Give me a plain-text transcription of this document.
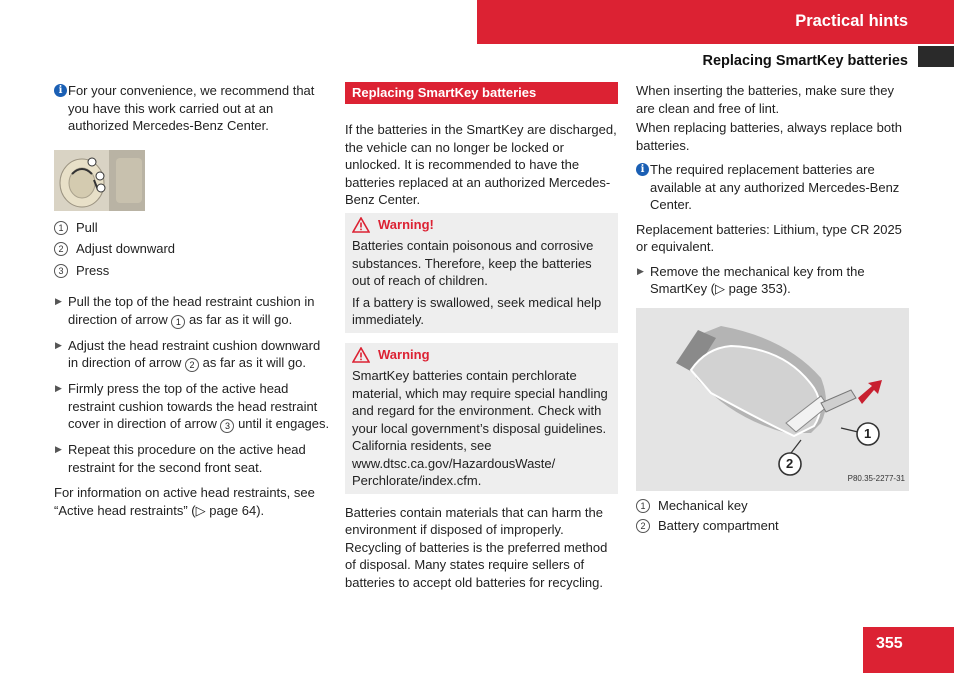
Practical hints
Replacing SmartKey batteries

i For your convenience, we recommend that you have this work carried out at an authorized Mercedes-Benz Center.

1 Pull
2 Adjust downward
3 Press
▶ Pull the top of the head restraint cushion in direction of arrow 1 as far as it will go.
▶ Adjust the head restraint cushion downward in direction of arrow 2 as far as it will go.
▶ Firmly press the top of the active head restraint cushion towards the head restraint cover in direction of arrow 3 until it engages.
▶ Repeat this procedure on the active head restraint for the second front seat.

For information on active head restraints, see “Active head restraints” (▷ page 64).

Replacing SmartKey batteries

If the batteries in the SmartKey are discharged, the vehicle can no longer be locked or unlocked. It is recommended to have the batteries replaced at an authorized Mercedes-Benz Center.

Warning!

Batteries contain poisonous and corrosive substances. Therefore, keep the batteries out of reach of children.

If a battery is swallowed, seek medical help immediately.

Warning

SmartKey batteries contain perchlorate material, which may require special handling and regard for the environment. Check with your local government’s disposal guidelines. California residents, see www.dtsc.ca.gov/HazardousWaste/ Perchlorate/index.cfm.

Batteries contain materials that can harm the environment if disposed of improperly. Recycling of batteries is the preferred method of disposal. Many states require sellers of batteries to accept old batteries for recycling.

When inserting the batteries, make sure they are clean and free of lint.

When replacing batteries, always replace both batteries.

i The required replacement batteries are available at any authorized Mercedes-Benz Center.

Replacement batteries: Lithium, type CR 2025 or equivalent.

▶ Remove the mechanical key from the SmartKey (▷ page 353).
1
2
P80.35-2277-31
1 Mechanical key
2 Battery compartment
355
